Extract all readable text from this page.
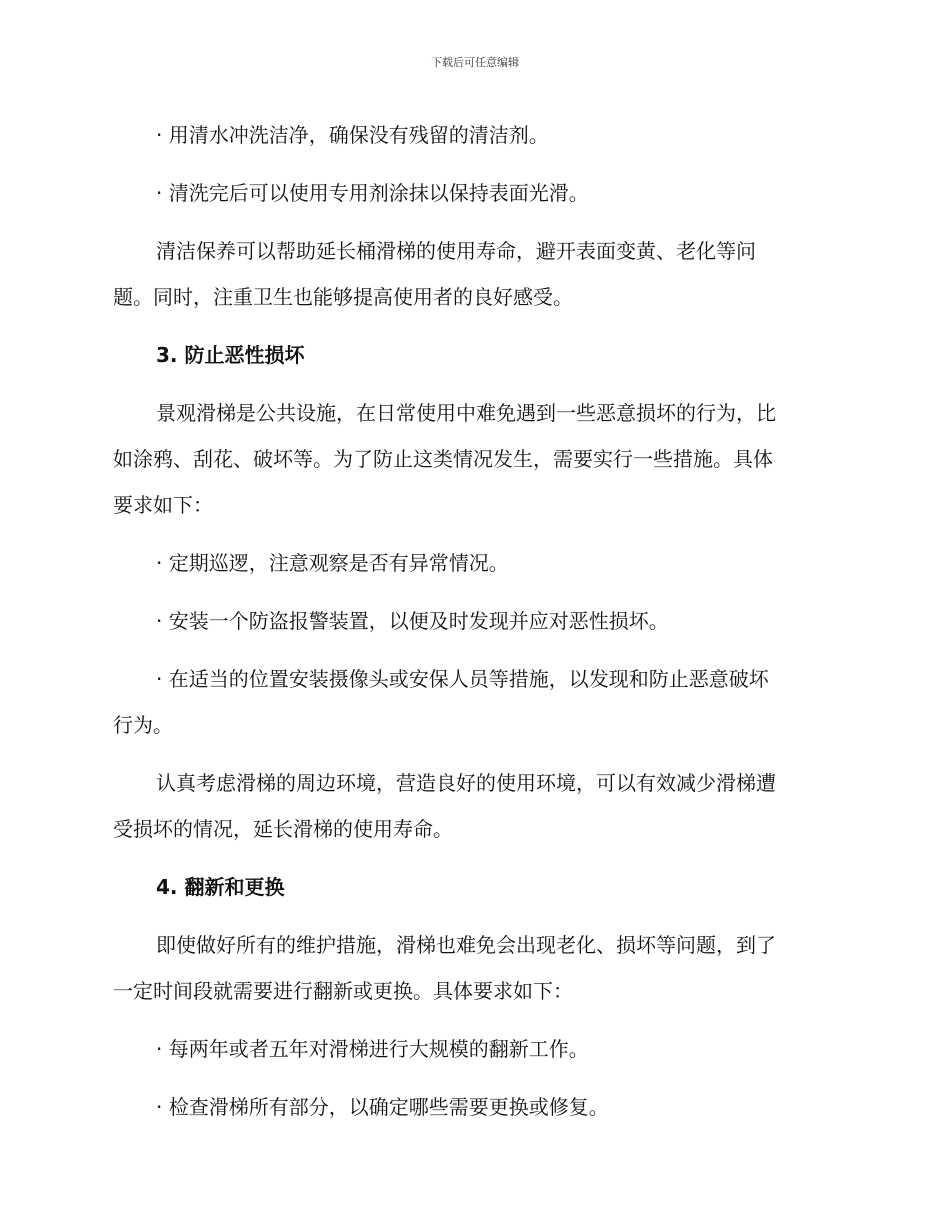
下载后可任意编辑
· 用清水冲洗洁净，确保没有残留的清洁剂。
· 清洗完后可以使用专用剂涂抹以保持表面光滑。
清洁保养可以帮助延长桶滑梯的使用寿命，避开表面变黄、老化等问
题。同时，注重卫生也能够提高使用者的良好感受。
3. 防止恶性损坏
景观滑梯是公共设施，在日常使用中难免遇到一些恶意损坏的行为，比
如涂鸦、刮花、破坏等。为了防止这类情况发生，需要实行一些措施。具体
要求如下：
· 定期巡逻，注意观察是否有异常情况。
· 安装一个防盗报警装置，以便及时发现并应对恶性损坏。
· 在适当的位置安装摄像头或安保人员等措施，以发现和防止恶意破坏
行为。
认真考虑滑梯的周边环境，营造良好的使用环境，可以有效减少滑梯遭
受损坏的情况，延长滑梯的使用寿命。
4. 翻新和更换
即使做好所有的维护措施，滑梯也难免会出现老化、损坏等问题，到了
一定时间段就需要进行翻新或更换。具体要求如下：
· 每两年或者五年对滑梯进行大规模的翻新工作。
· 检查滑梯所有部分，以确定哪些需要更换或修复。
